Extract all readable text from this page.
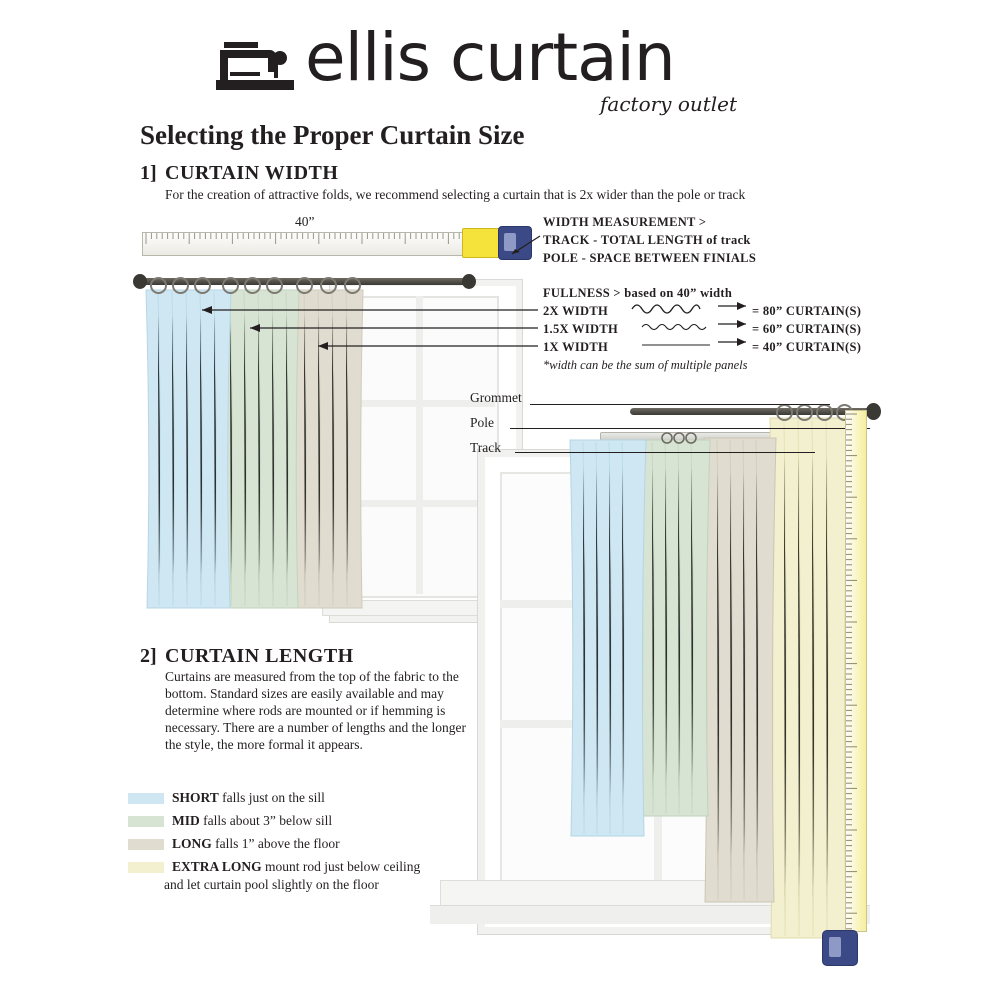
ellis curtain
factory outlet
Selecting the Proper Curtain Size
1] CURTAIN WIDTH
For the creation of attractive folds, we recommend selecting a curtain that is 2x wider than the pole or track
40”	WIDTH MEASUREMENT >
TRACK - TOTAL LENGTH of track
POLE - SPACE BETWEEN FINIALS
FULLNESS > based on 40” width
2X WIDTH	= 80” CURTAIN(S)
1.5X WIDTH	= 60” CURTAIN(S)
1X WIDTH	= 40” CURTAIN(S)
*width can be the sum of multiple panels
2] CURTAIN LENGTH
Curtains are measured from the top of the fabric to the bottom. Standard sizes are easily available and may determine where rods are mounted or if hemming is necessary. There are a number of lengths and the longer the style, the more formal it appears.
SHORT falls just on the sill
MID falls about 3” below sill
LONG falls 1” above the floor
EXTRA LONG mount rod just below ceiling
and let curtain pool slightly on the floor
Grommet
Pole
Track
